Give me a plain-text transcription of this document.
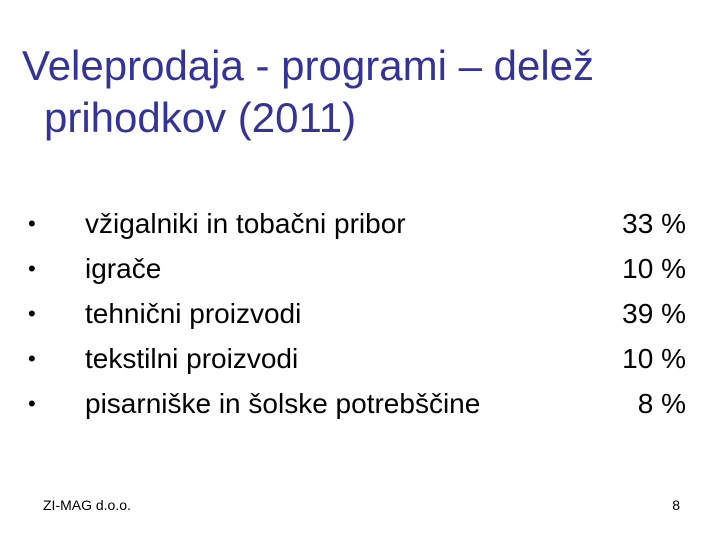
Veleprodaja - programi – delež
prihodkov (2011)
• vžigalniki in tobačni pribor	33 %
• igrače	10 %
• tehnični proizvodi	39 %
• tekstilni proizvodi	10 %
• pisarniške in šolske potrebščine	8 %
ZI-MAG d.o.o.	8
